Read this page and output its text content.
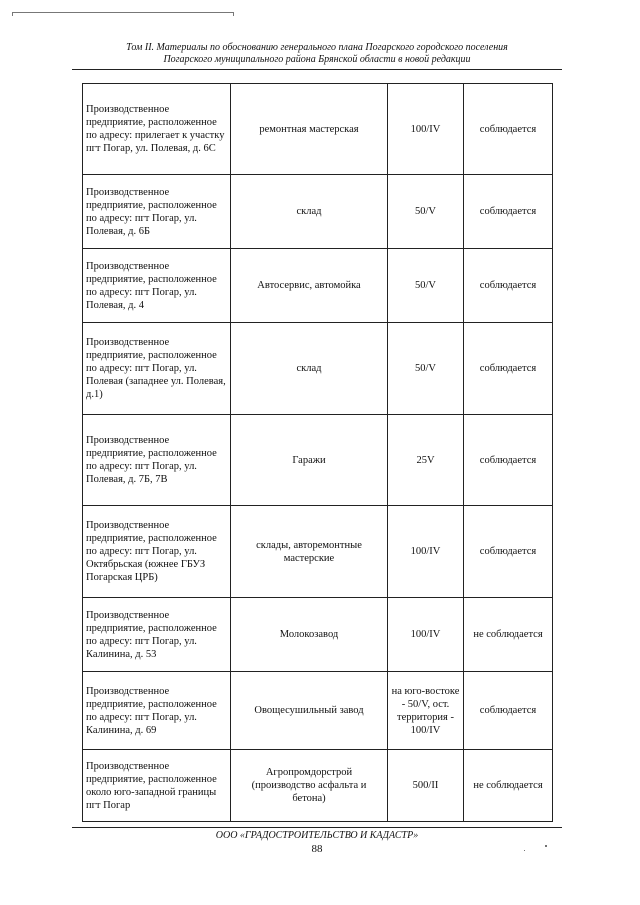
Том II. Материалы по обоснованию генерального плана Погарского городского поселения
Погарского муниципального района Брянской области в новой редакции
Производственное предприятие, расположенное по адресу: прилегает к участку пгт Погар, ул. Полевая, д. 6С	ремонтная мастерская	100/IV	соблюдается
Производственное предприятие, расположенное по адресу: пгт Погар, ул. Полевая, д. 6Б	склад	50/V	соблюдается
Производственное предприятие, расположенное по адресу: пгт Погар, ул. Полевая, д. 4	Автосервис, автомойка	50/V	соблюдается
Производственное предприятие, расположенное по адресу: пгт Погар, ул. Полевая (западнее ул. Полевая, д.1)	склад	50/V	соблюдается
Производственное предприятие, расположенное по адресу: пгт Погар, ул. Полевая, д. 7Б, 7В	Гаражи	25V	соблюдается
Производственное предприятие, расположенное по адресу: пгт Погар, ул. Октябрьская (южнее ГБУЗ Погарская ЦРБ)	склады, авторемонтные мастерские	100/IV	соблюдается
Производственное предприятие, расположенное по адресу: пгт Погар, ул. Калинина, д. 53	Молокозавод	100/IV	не соблюдается
Производственное предприятие, расположенное по адресу: пгт Погар, ул. Калинина, д. 69	Овощесушильный завод	на юго-востоке - 50/V, ост. территория - 100/IV	соблюдается
Производственное предприятие, расположенное около юго-западной границы пгт Погар	Агропромдорстрой (производство асфальта и бетона)	500/II	не соблюдается
ООО «ГРАДОСТРОИТЕЛЬСТВО И КАДАСТР»
88
